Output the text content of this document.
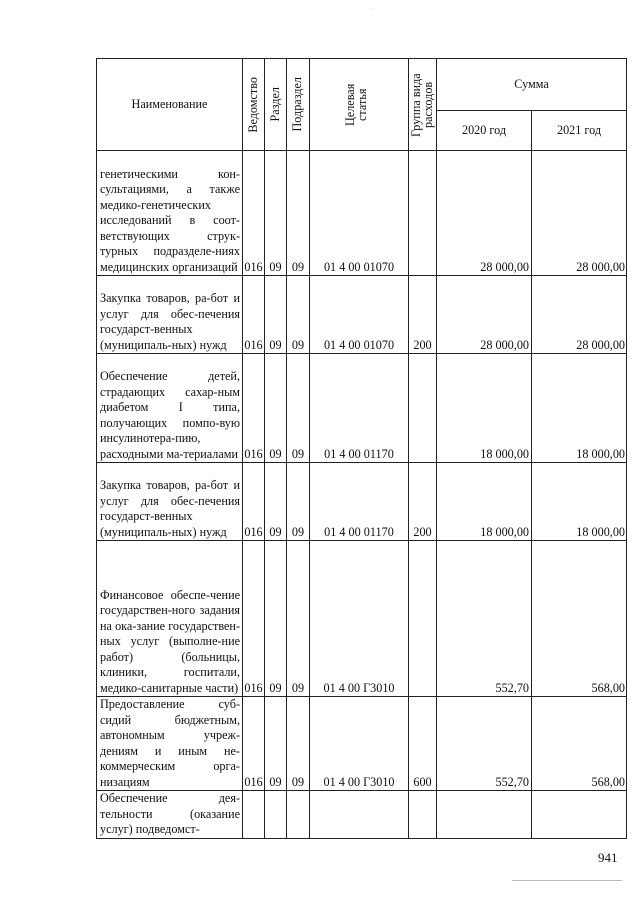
·
Наименование	Ведомство	Раздел	Подраздел	Целевая статья	Группа вида расходов	Сумма	
						2020 год	2021 год
генетическими кон-сультациями, а также медико-генетических исследований в соот-ветствующих струк-турных подразделе-ниях медицинских организаций	016	09	09	01 4 00 01070		28 000,00	28 000,00
Закупка товаров, ра-бот и услуг для обес-печения государст-венных (муниципаль-ных) нужд	016	09	09	01 4 00 01070	200	28 000,00	28 000,00
Обеспечение детей, страдающих сахар-ным диабетом I типа, получающих помпо-вую инсулинотера-пию, расходными ма-териалами	016	09	09	01 4 00 01170		18 000,00	18 000,00
Закупка товаров, ра-бот и услуг для обес-печения государст-венных (муниципаль-ных) нужд	016	09	09	01 4 00 01170	200	18 000,00	18 000,00
Финансовое обеспе-чение государствен-ного задания на ока-зание государствен-ных услуг (выполне-ние работ) (больницы, клиники, госпитали, медико-санитарные части)	016	09	09	01 4 00 Г3010		552,70	568,00
Предоставление суб-сидий бюджетным, автономным учреж-дениям и иным не-коммерческим орга-низациям	016	09	09	01 4 00 Г3010	600	552,70	568,00
Обеспечение дея-тельности (оказание услуг) подведомст-							
941
